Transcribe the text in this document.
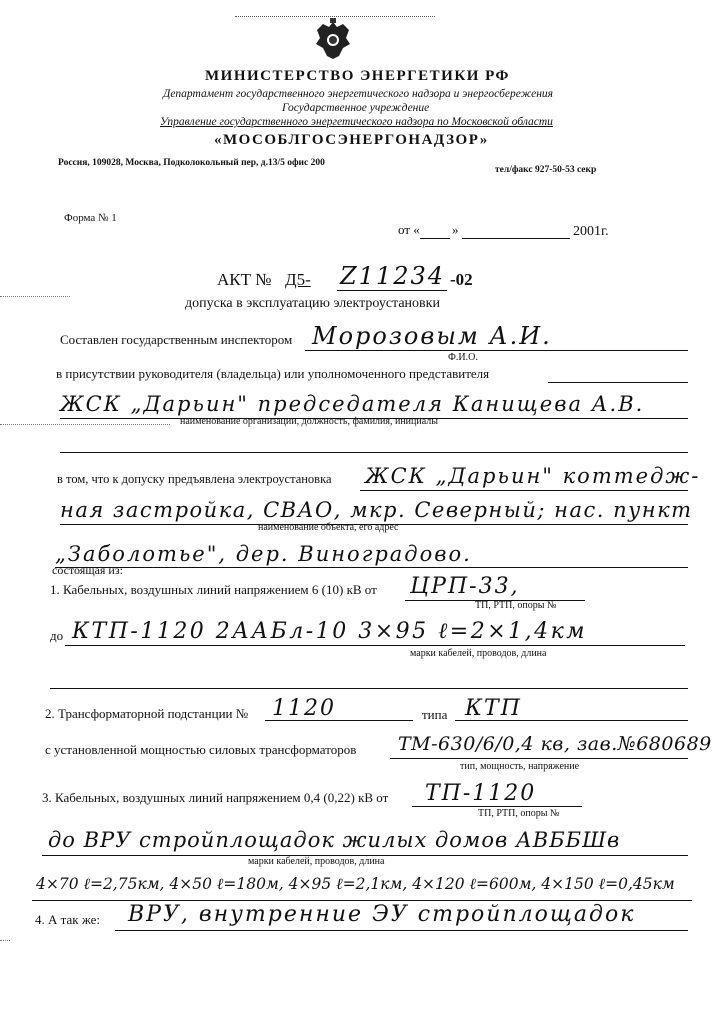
МИНИСТЕРСТВО ЭНЕРГЕТИКИ РФ
Департамент государственного энергетического надзора и энергосбережения
Государственное учреждение
Управление государственного энергетического надзора по Московской области
«МОСОБЛГОСЭНЕРГОНАДЗОР»
Россия, 109028, Москва, Подколокольный пер, д.13/5 офис 200
тел/факс 927-50-53 секр
Форма № 1
от « »	2001г.
АКТ № Д5- Z11234 -02
допуска в эксплуатацию электроустановки
Составлен государственным инспектором Морозовым А.И.
Ф.И.О.
в присутствии руководителя (владельца) или уполномоченного представителя
ЖСК „Дарьин" председателя Канищева А.В.
наименование организации, должность, фамилия, инициалы
в том, что к допуску предъявлена электроустановка ЖСК „Дарьин" коттедж-
ная застройка, СВАО, мкр. Северный; нас. пункт
наименование объекта, его адрес
„Заболотье", дер. Виноградово.
состоящая из:
1. Кабельных, воздушных линий напряжением 6 (10) кВ от ЦРП-33,
ТП, РТП, опоры №
до КТП-1120 2ААБл-10 3×95 ℓ=2×1,4км
марки кабелей, проводов, длина
2. Трансформаторной подстанции № 1120	типа КТП
с установленной мощностью силовых трансформаторов ТМ-630/6/0,4 кв, зав.№680689
тип, мощность, напряжение
3. Кабельных, воздушных линий напряжением 0,4 (0,22) кВ от ТП-1120
ТП, РТП, опоры №
до ВРУ стройплощадок жилых домов АВББШв
марки кабелей, проводов, длина
4×70 ℓ=2,75км, 4×50 ℓ=180м, 4×95 ℓ=2,1км, 4×120 ℓ=600м, 4×150 ℓ=0,45км
4. А так же: ВРУ, внутренние ЭУ стройплощадок
